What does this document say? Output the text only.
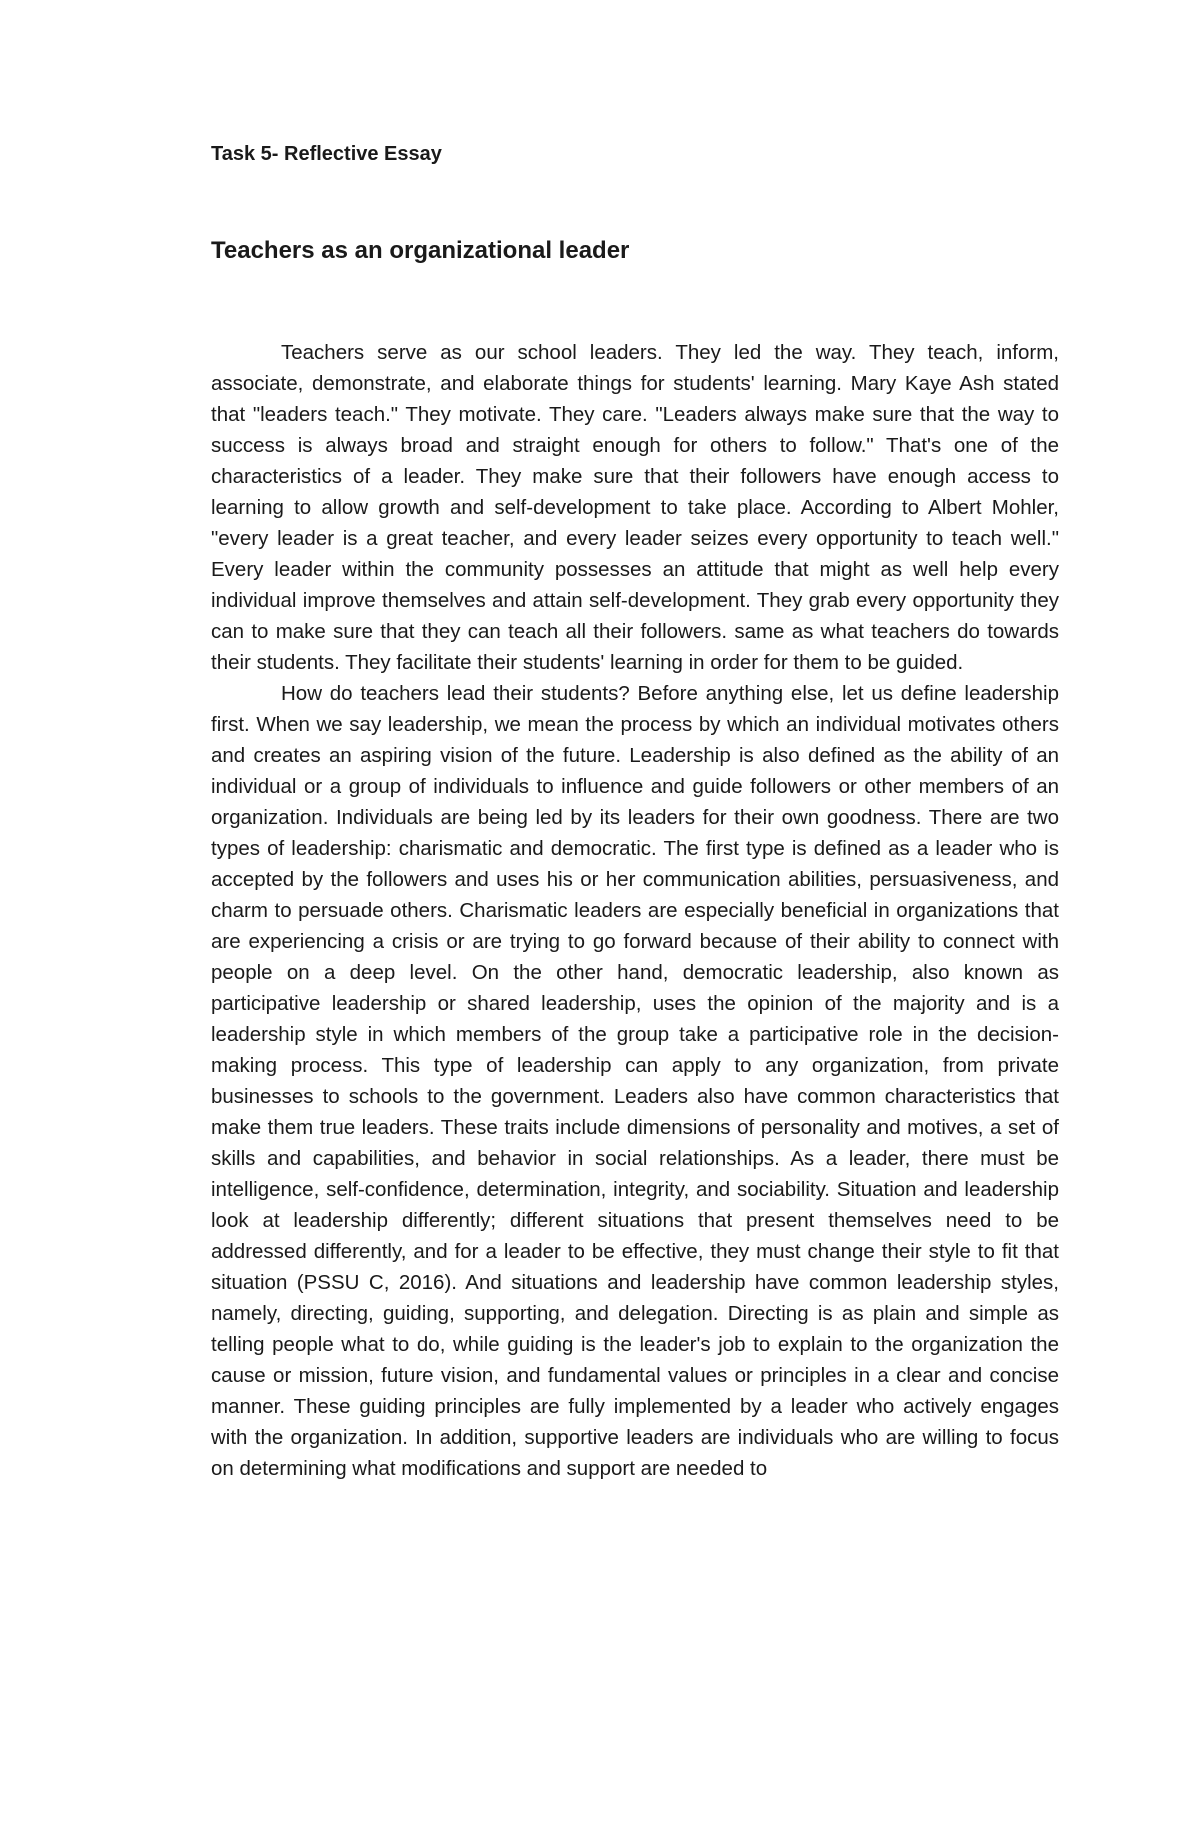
Task 5- Reflective Essay
Teachers as an organizational leader

Teachers serve as our school leaders. They led the way. They teach, inform, associate, demonstrate, and elaborate things for students' learning. Mary Kaye Ash stated that "leaders teach." They motivate. They care. "Leaders always make sure that the way to success is always broad and straight enough for others to follow." That's one of the characteristics of a leader. They make sure that their followers have enough access to learning to allow growth and self-development to take place. According to Albert Mohler, "every leader is a great teacher, and every leader seizes every opportunity to teach well." Every leader within the community possesses an attitude that might as well help every individual improve themselves and attain self-development. They grab every opportunity they can to make sure that they can teach all their followers. same as what teachers do towards their students. They facilitate their students' learning in order for them to be guided.

How do teachers lead their students? Before anything else, let us define leadership first. When we say leadership, we mean the process by which an individual motivates others and creates an aspiring vision of the future. Leadership is also defined as the ability of an individual or a group of individuals to influence and guide followers or other members of an organization. Individuals are being led by its leaders for their own goodness. There are two types of leadership: charismatic and democratic. The first type is defined as a leader who is accepted by the followers and uses his or her communication abilities, persuasiveness, and charm to persuade others. Charismatic leaders are especially beneficial in organizations that are experiencing a crisis or are trying to go forward because of their ability to connect with people on a deep level. On the other hand, democratic leadership, also known as participative leadership or shared leadership, uses the opinion of the majority and is a leadership style in which members of the group take a participative role in the decision-making process. This type of leadership can apply to any organization, from private businesses to schools to the government. Leaders also have common characteristics that make them true leaders. These traits include dimensions of personality and motives, a set of skills and capabilities, and behavior in social relationships. As a leader, there must be intelligence, self-confidence, determination, integrity, and sociability. Situation and leadership look at leadership differently; different situations that present themselves need to be addressed differently, and for a leader to be effective, they must change their style to fit that situation (PSSU C, 2016). And situations and leadership have common leadership styles, namely, directing, guiding, supporting, and delegation. Directing is as plain and simple as telling people what to do, while guiding is the leader's job to explain to the organization the cause or mission, future vision, and fundamental values or principles in a clear and concise manner. These guiding principles are fully implemented by a leader who actively engages with the organization. In addition, supportive leaders are individuals who are willing to focus on determining what modifications and support are needed to
